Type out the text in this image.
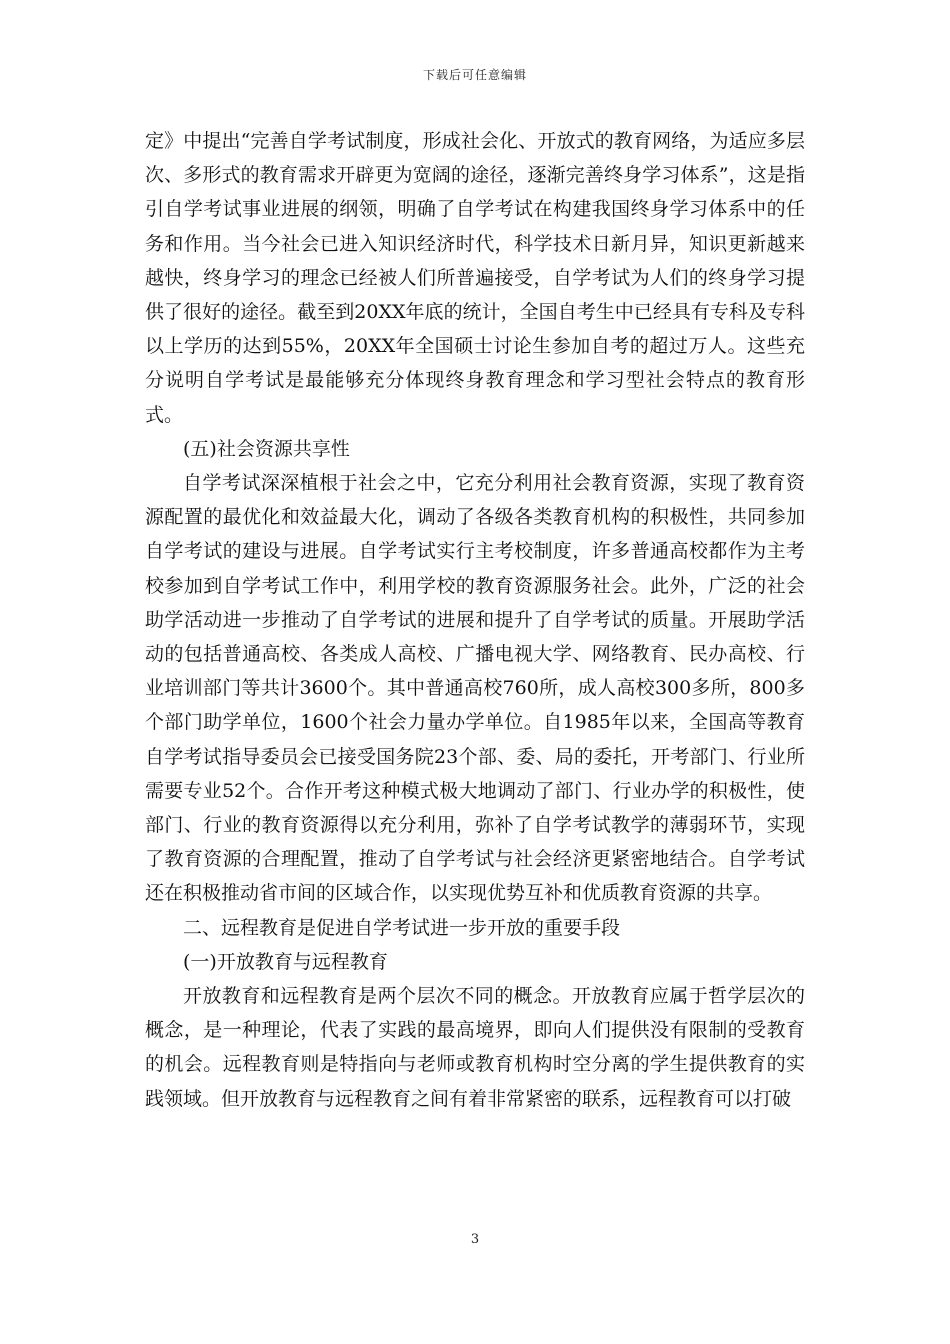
下载后可任意编辑

定》中提出“完善自学考试制度，形成社会化、开放式的教育网络，为适应多层次、多形式的教育需求开辟更为宽阔的途径，逐渐完善终身学习体系”，这是指引自学考试事业进展的纲领，明确了自学考试在构建我国终身学习体系中的任务和作用。当今社会已进入知识经济时代，科学技术日新月异，知识更新越来越快，终身学习的理念已经被人们所普遍接受，自学考试为人们的终身学习提供了很好的途径。截至到20XX年底的统计，全国自考生中已经具有专科及专科以上学历的达到55%，20XX年全国硕士讨论生参加自考的超过万人。这些充分说明自学考试是最能够充分体现终身教育理念和学习型社会特点的教育形式。

(五)社会资源共享性

自学考试深深植根于社会之中，它充分利用社会教育资源，实现了教育资源配置的最优化和效益最大化，调动了各级各类教育机构的积极性，共同参加自学考试的建设与进展。自学考试实行主考校制度，许多普通高校都作为主考校参加到自学考试工作中，利用学校的教育资源服务社会。此外，广泛的社会助学活动进一步推动了自学考试的进展和提升了自学考试的质量。开展助学活动的包括普通高校、各类成人高校、广播电视大学、网络教育、民办高校、行业培训部门等共计3600个。其中普通高校760所，成人高校300多所，800多个部门助学单位，1600个社会力量办学单位。自1985年以来，全国高等教育自学考试指导委员会已接受国务院23个部、委、局的委托，开考部门、行业所需要专业52个。合作开考这种模式极大地调动了部门、行业办学的积极性，使部门、行业的教育资源得以充分利用，弥补了自学考试教学的薄弱环节，实现了教育资源的合理配置，推动了自学考试与社会经济更紧密地结合。自学考试还在积极推动省市间的区域合作，以实现优势互补和优质教育资源的共享。

二、远程教育是促进自学考试进一步开放的重要手段

(一)开放教育与远程教育

开放教育和远程教育是两个层次不同的概念。开放教育应属于哲学层次的概念，是一种理论，代表了实践的最高境界，即向人们提供没有限制的受教育的机会。远程教育则是特指向与老师或教育机构时空分离的学生提供教育的实践领域。但开放教育与远程教育之间有着非常紧密的联系，远程教育可以打破

3
